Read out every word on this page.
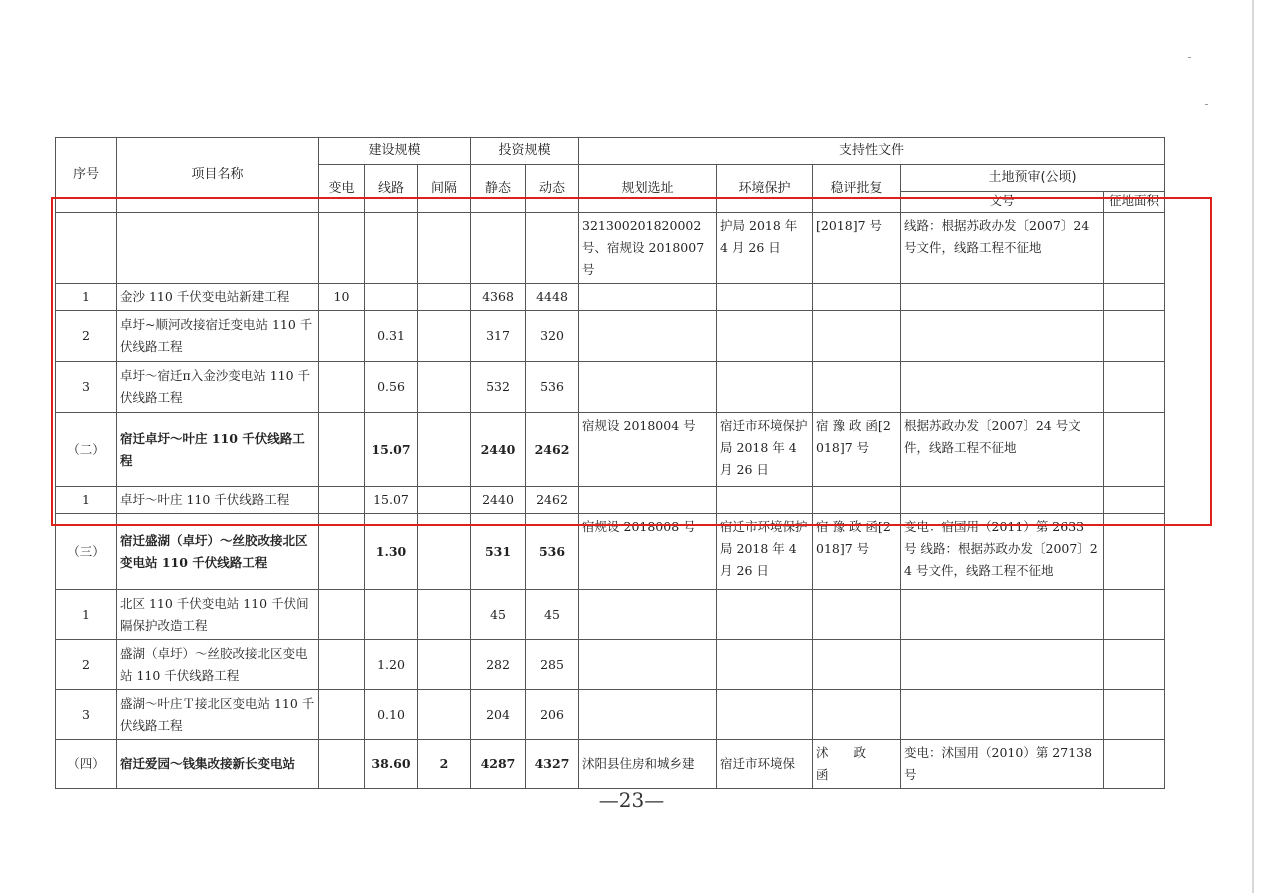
序号	项目名称	建设规模			投资规模		支持性文件				
		变电	线路	间隔	静态	动态	规划选址	环境保护	稳评批复	土地预审(公顷)	
										文号	征地面积
							321300201820002 号、宿规设 2018007 号	护局 2018 年 4 月 26 日	[2018]7 号	线路：根据苏政办发〔2007〕24 号文件，线路工程不征地	
1	金沙 110 千伏变电站新建工程	10			4368	4448					
2	卓圩~顺河改接宿迁变电站 110 千伏线路工程		0.31		317	320					
3	卓圩～宿迁π入金沙变电站 110 千伏线路工程		0.56		532	536					
（二）	宿迁卓圩～叶庄 110 千伏线路工程		15.07		2440	2462	宿规设 2018004 号	宿迁市环境保护局 2018 年 4 月 26 日	宿 豫 政 函[2018]7 号	根据苏政办发〔2007〕24 号文件，线路工程不征地	
1	卓圩～叶庄 110 千伏线路工程		15.07		2440	2462					
（三）	宿迁盛湖（卓圩）～丝胶改接北区变电站 110 千伏线路工程		1.30		531	536	宿规设 2018008 号	宿迁市环境保护局 2018 年 4 月 26 日	宿 豫 政 函[2018]7 号	变电：宿国用（2011）第 2633 号 线路：根据苏政办发〔2007〕24 号文件，线路工程不征地	
1	北区 110 千伏变电站 110 千伏间隔保护改造工程				45	45					
2	盛湖（卓圩）～丝胶改接北区变电站 110 千伏线路工程		1.20		282	285					
3	盛湖～叶庄Ｔ接北区变电站 110 千伏线路工程		0.10		204	206					
（四）	宿迁爱园～钱集改接新长变电站		38.60	2	4287	4327	沭阳县住房和城乡建	宿迁市环境保	沭　　政　　函	变电：沭国用（2010）第 27138 号	
—23—
